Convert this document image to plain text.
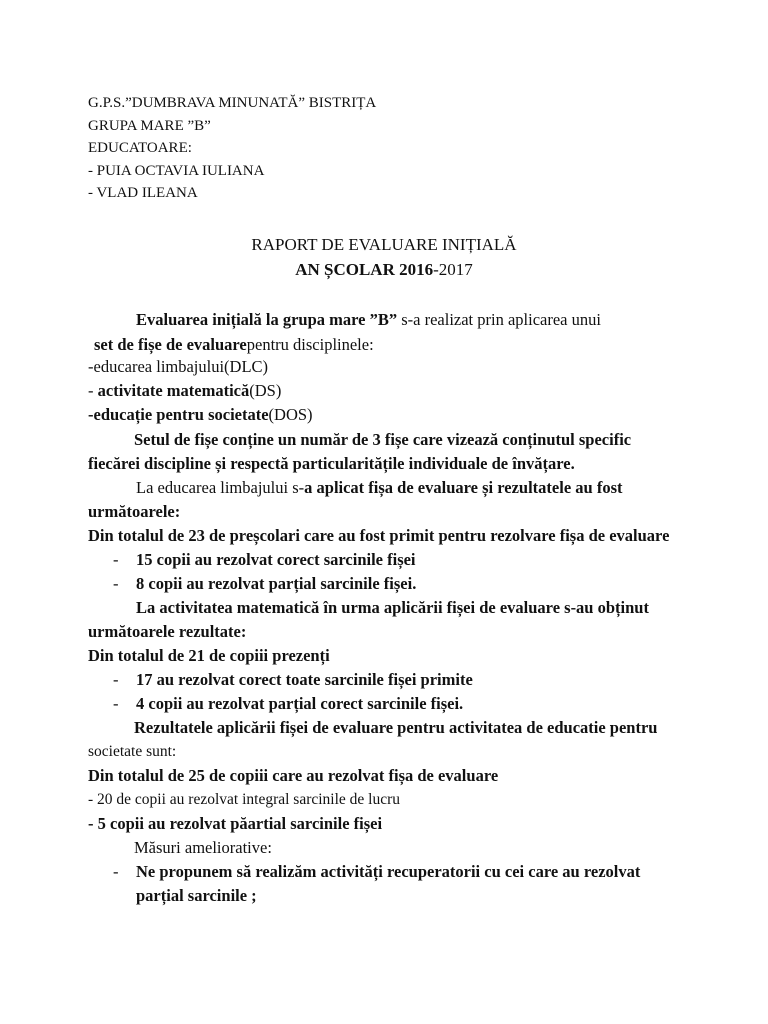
G.P.S.”DUMBRAVA MINUNATĂ” BISTRIȚA
GRUPA MARE ”B”
EDUCATOARE:
- PUIA OCTAVIA IULIANA
- VLAD ILEANA
RAPORT DE EVALUARE INIȚIALĂ
AN ȘCOLAR 2016-2017
Evaluarea inițială la grupa mare ”B” s-a realizat prin aplicarea unui
set de fișe de evaluarepentru disciplinele:
-educarea limbajului(DLC)
- activitate matematică(DS)
-educație pentru societate(DOS)
Setul de fișe conține un număr de 3 fișe care vizează conținutul specific
fiecărei discipline și respectă particularitățile individuale de învățare.
La educarea limbajului s-a aplicat fișa de evaluare și rezultatele au fost
următoarele:
Din totalul de 23 de preșcolari care au fost primit pentru rezolvare fișa de evaluare
- 15 copii au rezolvat corect sarcinile fișei
- 8 copii au rezolvat parțial sarcinile fișei.
La activitatea matematică în urma aplicării fișei de evaluare s-au obținut
următoarele rezultate:
Din totalul de 21 de copiii prezenți
- 17 au rezolvat corect toate sarcinile fișei primite
- 4 copii au rezolvat parțial corect sarcinile fișei.
Rezultatele aplicării fișei de evaluare pentru activitatea de educatie pentru
societate sunt:
Din totalul de 25 de copiii care au rezolvat fișa de evaluare
- 20 de copii au rezolvat integral sarcinile de lucru
- 5 copii au rezolvat păartial sarcinile fișei
Măsuri ameliorative:
- Ne propunem să realizăm activități recuperatorii cu cei care au rezolvat
parțial sarcinile ;
